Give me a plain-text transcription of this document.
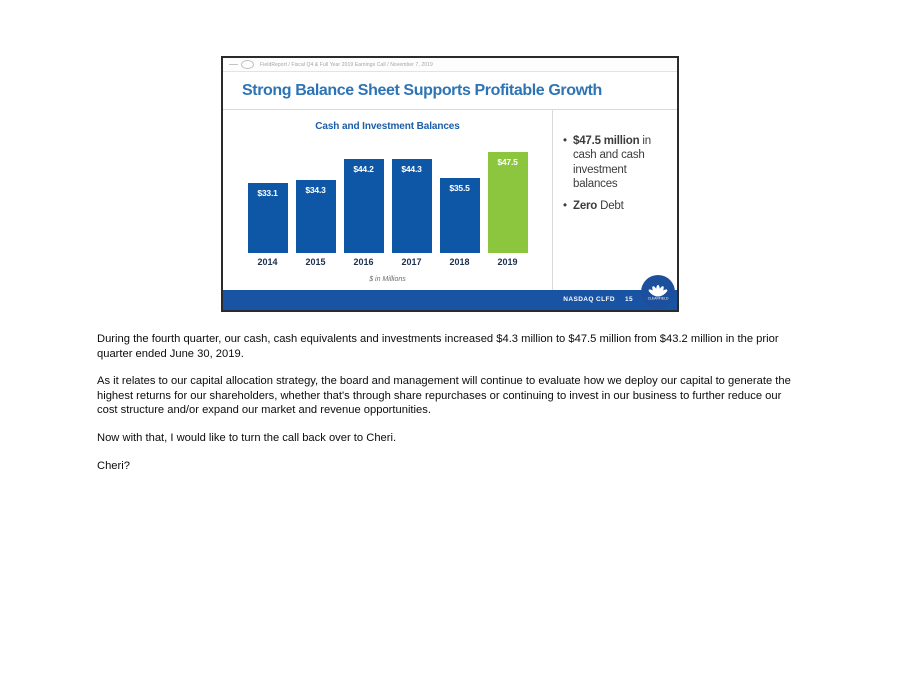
FieldReport / Fiscal Q4 & Full Year 2019 Earnings Call / November 7, 2019
Strong Balance Sheet Supports Profitable Growth
Cash and Investment Balances
$33.1	$34.3
$44.2	$44.3
$35.5
$47.5
2014	2015	2016	2017	2018	2019
$ in Millions
• $47.5 million in cash and cash investment balances
• Zero Debt
NASDAQ CLFD 15 CLEARFIELD

During the fourth quarter, our cash, cash equivalents and investments increased $4.3 million to $47.5 million from $43.2 million in the prior quarter ended June 30, 2019.

As it relates to our capital allocation strategy, the board and management will continue to evaluate how we deploy our capital to generate the highest returns for our shareholders, whether that's through share repurchases or continuing to invest in our business to further reduce our cost structure and/or expand our market and revenue opportunities.

Now with that, I would like to turn the call back over to Cheri.

Cheri?
